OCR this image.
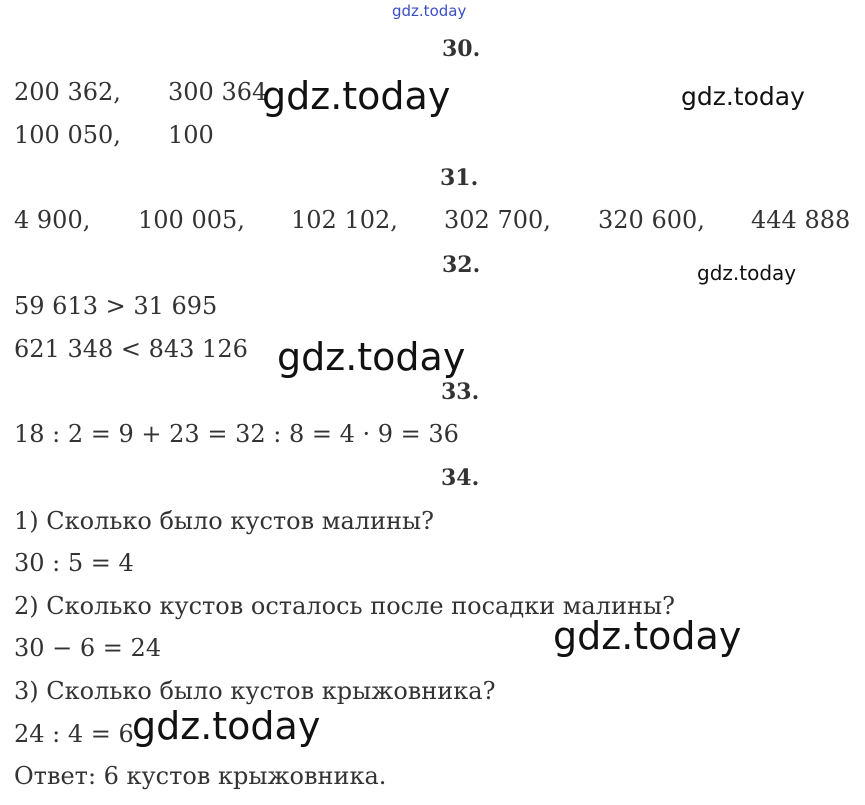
gdz.today
30.
200 362, 300 364
100 050, 100
gdz.today	gdz.today
31.
4 900, 100 005, 102 102, 302 700, 320 600, 444 888
32.	gdz.today
59 613 > 31 695
621 348 < 843 126 gdz.today
33.
18 : 2 = 9 + 23 = 32 : 8 = 4 · 9 = 36
34.
1) Сколько было кустов малины?
30 : 5 = 4
2) Сколько кустов осталось после посадки малины?
30 − 6 = 24	gdz.today
3) Сколько было кустов крыжовника?
24 : 4 = 6
gdz.today
Ответ: 6 кустов крыжовника.
